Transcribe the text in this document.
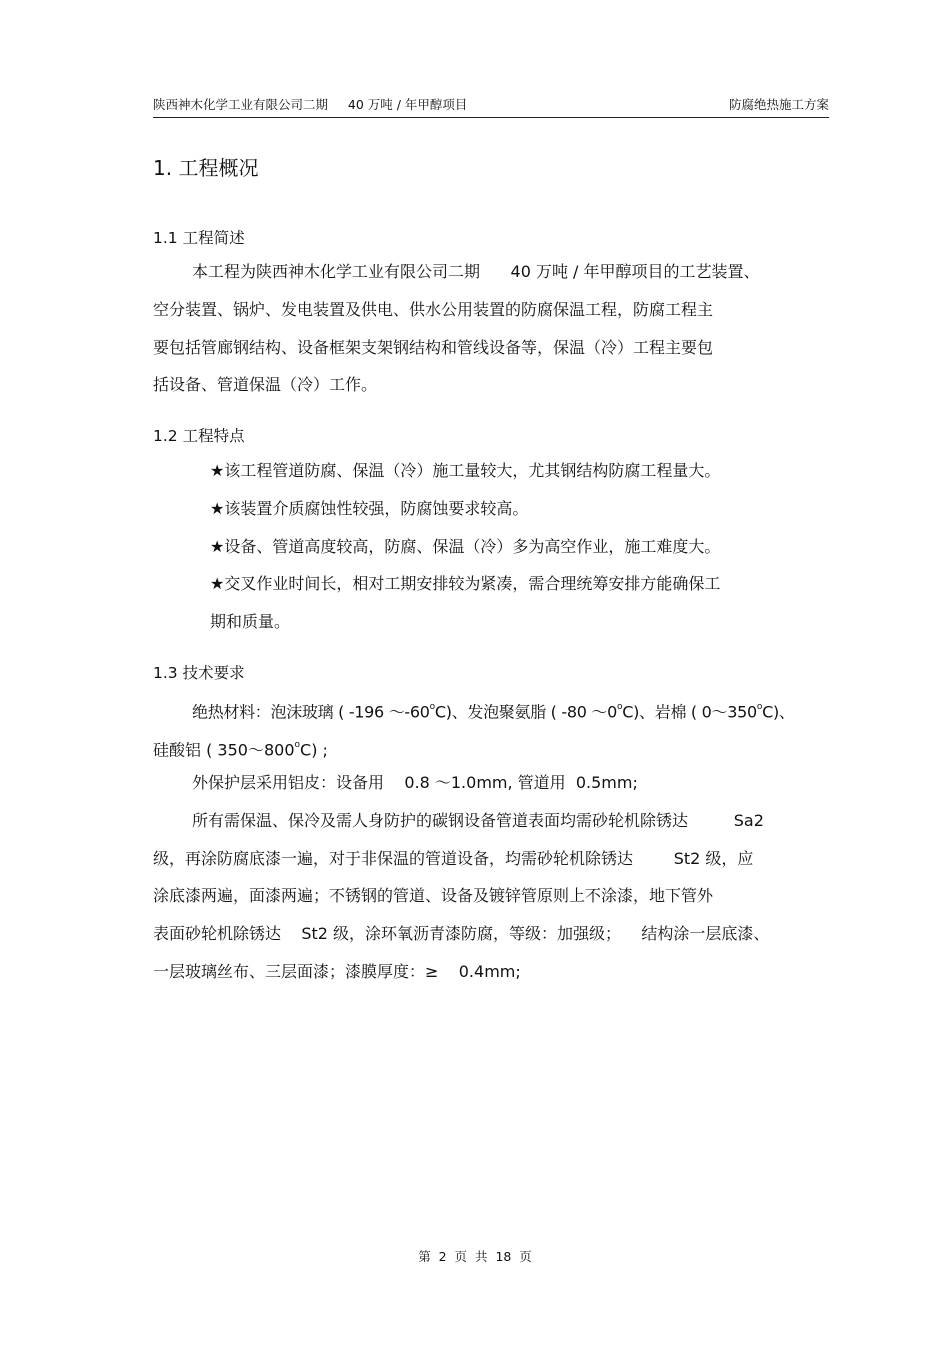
陕西神木化学工业有限公司二期     40 万吨 / 年甲醇项目	防腐绝热施工方案
1. 工程概况
1.1 工程简述
本工程为陕西神木化学工业有限公司二期      40 万吨 / 年甲醇项目的工艺装置、
空分装置、锅炉、发电装置及供电、供水公用装置的防腐保温工程，防腐工程主
要包括管廊钢结构、设备框架支架钢结构和管线设备等，保温（冷）工程主要包
括设备、管道保温（冷）工作。
1.2 工程特点
★该工程管道防腐、保温（冷）施工量较大，尤其钢结构防腐工程量大。
★该装置介质腐蚀性较强，防腐蚀要求较高。
★设备、管道高度较高，防腐、保温（冷）多为高空作业，施工难度大。
★交叉作业时间长，相对工期安排较为紧凑，需合理统筹安排方能确保工
期和质量。
1.3 技术要求
绝热材料：泡沫玻璃 ( -196 ～-60$^o$C)、发泡聚氨脂 ( -80 ～0$^o$C)、岩棉 ( 0～350$^o$C)、
硅酸铝 ( 350～800$^o$C) ;
外保护层采用铝皮：设备用    0.8 ～1.0mm, 管道用  0.5mm;
所有需保温、保冷及需人身防护的碳钢设备管道表面均需砂轮机除锈达         Sa2
级，再涂防腐底漆一遍，对于非保温的管道设备，均需砂轮机除锈达        St2 级，应
涂底漆两遍，面漆两遍；不锈钢的管道、设备及镀锌管原则上不涂漆，地下管外
表面砂轮机除锈达    St2 级，涂环氧沥青漆防腐，等级：加强级；    结构涂一层底漆、
一层玻璃丝布、三层面漆；漆膜厚度：≥    0.4mm;
第  2  页  共  18  页
